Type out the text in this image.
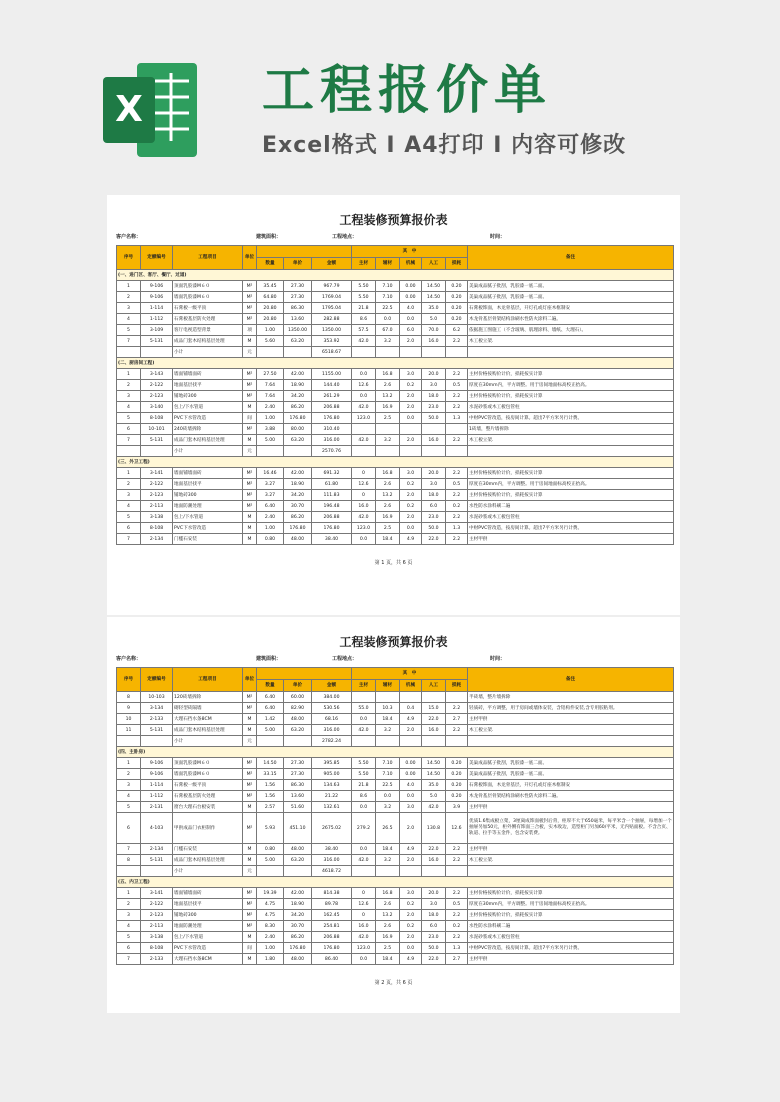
X 工程报价单
Excel格式 I A4打印 I 内容可修改
工程装修预算报价表
客户名称：	建筑面积：	工程地点：	时间：
序号	定额编号	工程项目	单位				其　中					备注
				数量	单价	金额	主材	辅材	机械	人工	损耗	
(一、进门区、客厅、餐厅、过道)												
1	9-106	顶面乳胶漆M６０	M²	35.45	27.30	967.79	5.50	7.10	0.00	14.50	0.20	美巢成品腻子批刮，乳胶漆一底二面。
2	9-106	墙面乳胶漆M６０	M²	64.80	27.30	1769.04	5.50	7.10	0.00	14.50	0.20	美巢成品腻子批刮，乳胶漆一底二面。
3	1-114	石膏板一级平顶	M²	20.80	86.30	1795.04	21.8	22.5	4.0	35.0	0.20	石膏板饰面，木龙骨基层，开灯孔或灯座木框制安
4	1-112	石膏板基层防火处理	M²	20.80	13.60	282.88	8.6	0.0	0.0	5.0	0.20	木龙骨基层骨架结构涂刷水性防火涂料二遍。
5	3-109	客厅电视造型背景	项	1.00	1350.00	1350.00	57.5	67.0	6.0	70.0	6.2	依据施工图施工（不含玻璃、肌理涂料、墙纸、大理石）。
7	5-131	成品门套木结构基层处理	M	5.60	63.20	353.92	42.0	3.2	2.0	16.0	2.2	木工板立架.
		小计	元			6518.67						
(二、厨房间工程)												
1	3-143	墙面铺墙面砖	M²	27.50	42.00	1155.00	0.0	16.8	3.0	20.0	2.2	主材价格按购价计价，损耗按实计算
2	2-122	地面基层找平	M²	7.64	18.90	144.40	12.6	2.6	0.2	3.0	0.5	厚度在30mm内，平方调整。用于房间地面标高校正抬高。
3	2-123	铺地砖300	M²	7.64	34.20	261.29	0.0	13.2	2.0	18.0	2.2	主材价格按购价计价，损耗按实计算
4	3-140	包上/下水管道	M	2.40	86.20	206.88	42.0	16.9	2.0	23.0	2.2	水泥砂浆或木工板包管柱
5	8-108	PVC下水管改造	间	1.00	176.80	176.80	123.0	2.5	0.0	50.0	1.3	中财PVC管改造，按房间计算。超出7平方米另行计费。
6	10-101	240砖墙拆除	M²	3.88	80.00	310.40						1砖墙，整片墙拆除
7	5-131	成品门套木结构基层处理	M	5.00	63.20	316.00	42.0	3.2	2.0	16.0	2.2	木工板立架.
		小计	元			2570.76						
(三、外卫工程)												
1	3-141	墙面铺墙面砖	M²	16.46	42.00	691.32	0	16.8	3.0	20.0	2.2	主材价格按购价计价，损耗按实计算
2	2-122	地面基层找平	M²	3.27	18.90	61.80	12.6	2.6	0.2	3.0	0.5	厚度在30mm内，平方调整。用于房间地面标高校正抬高。
3	2-123	铺地砖300	M²	3.27	34.20	111.83	0	13.2	2.0	18.0	2.2	主材价格按购价计价，损耗按实计算
4	2-113	地面防潮处理	M²	6.40	30.70	196.48	16.0	2.6	0.2	6.0	0.2	水性防水涂料刷二遍
5	3-138	包上/下水管道	M	2.40	86.20	206.88	42.0	16.9	2.0	23.0	2.2	水泥砂浆或木工板包管柱
6	8-108	PVC下水管改造	M	1.00	176.80	176.80	123.0	2.5	0.0	50.0	1.3	中财PVC管改造，按房间计算。超出7平方米另行计费。
7	2-134	门槛石安装	M	0.80	48.00	38.40	0.0	18.4	4.9	22.0	2.2	主材甲供
第 1 页，共 6 页
工程装修预算报价表
客户名称：	建筑面积：	工程地点：	时间：
序号	定额编号	工程项目	单位				其　中					备注
				数量	单价	金额	主材	辅材	机械	人工	损耗	
8	10-103	120砖墙拆除	M²	6.40	60.00	384.00						半砖墙，整片墙拆除
9	3-134	砌轻型砖隔墙	M²	6.40	82.90	530.56	55.0	10.3	0.4	15.0	2.2	轻质砖，平方调整，用于房间或墙体安装，含铝构件安装,含专用胶粘剂。
10	2-133	大理石挡水条8CM	M	1.42	48.00	68.16	0.0	18.4	4.9	22.0	2.7	主材甲供
11	5-131	成品门套木结构基层处理	M	5.00	63.20	316.00	42.0	3.2	2.0	16.0	2.2	木工板立架.
		小计	元			2782.24						
(四、主卧房)												
1	9-106	顶面乳胶漆M６０	M²	14.50	27.30	395.85	5.50	7.10	0.00	14.50	0.20	美巢成品腻子批刮，乳胶漆一底二面。
2	9-106	墙面乳胶漆M６０	M²	33.15	27.30	905.00	5.50	7.10	0.00	14.50	0.20	美巢成品腻子批刮，乳胶漆一底二面。
3	1-114	石膏板一级平顶	M²	1.56	86.30	134.63	21.8	22.5	4.0	35.0	0.20	石膏板饰面，木龙骨基层，开灯孔或灯座木框制安
4	1-112	石膏板基层防火处理	M²	1.56	13.60	21.22	8.6	0.0	0.0	5.0	0.20	木龙骨基层骨架结构涂刷水性防火涂料二遍。
5	2-131	窗台大理石台板安装	M	2.57	51.60	132.61	0.0	3.2	3.0	42.0	3.9	主材甲供
6	4-103	甲供成品门衣柜制作	M²	5.93	451.10	2675.02	279.2	26.5	2.0	130.8	12.6	优质1.6集成板立架，3厘离成饰面板封后背，柜厚不大于650毫米，每平米含一个抽屉，每增加一个抽屉另加50元，柜外侧有饰面三合板，实木收边，造型柜门另加60/平米，无内贴面板。不含合页、轨道、拉手等五金件，包含安装费。
7	2-134	门槛石安装	M	0.80	48.00	38.40	0.0	18.4	4.9	22.0	2.2	主材甲供
8	5-131	成品门套木结构基层处理	M	5.00	63.20	316.00	42.0	3.2	2.0	16.0	2.2	木工板立架.
		小计	元			4618.72						
(五、内卫工程)												
1	3-141	墙面铺墙面砖	M²	19.39	42.00	814.38	0	16.8	3.0	20.0	2.2	主材价格按购价计价，损耗按实计算
2	2-122	地面基层找平	M²	4.75	18.90	89.78	12.6	2.6	0.2	3.0	0.5	厚度在30mm内，平方调整。用于房间地面标高校正抬高。
3	2-123	铺地砖300	M²	4.75	34.20	162.45	0	13.2	2.0	18.0	2.2	主材价格按购价计价，损耗按实计算
4	2-113	地面防潮处理	M²	8.30	30.70	254.81	16.0	2.6	0.2	6.0	0.2	水性防水涂料刷二遍
5	3-138	包上/下水管道	M	2.40	86.20	206.88	42.0	16.9	2.0	23.0	2.2	水泥砂浆或木工板包管柱
6	8-108	PVC下水管改造	间	1.00	176.80	176.80	123.0	2.5	0.0	50.0	1.3	中财PVC管改造，按房间计算。超出7平方米另行计费。
7	2-133	大理石挡水条8CM	M	1.80	48.00	86.40	0.0	18.4	4.9	22.0	2.7	主材甲供
第 2 页，共 6 页
